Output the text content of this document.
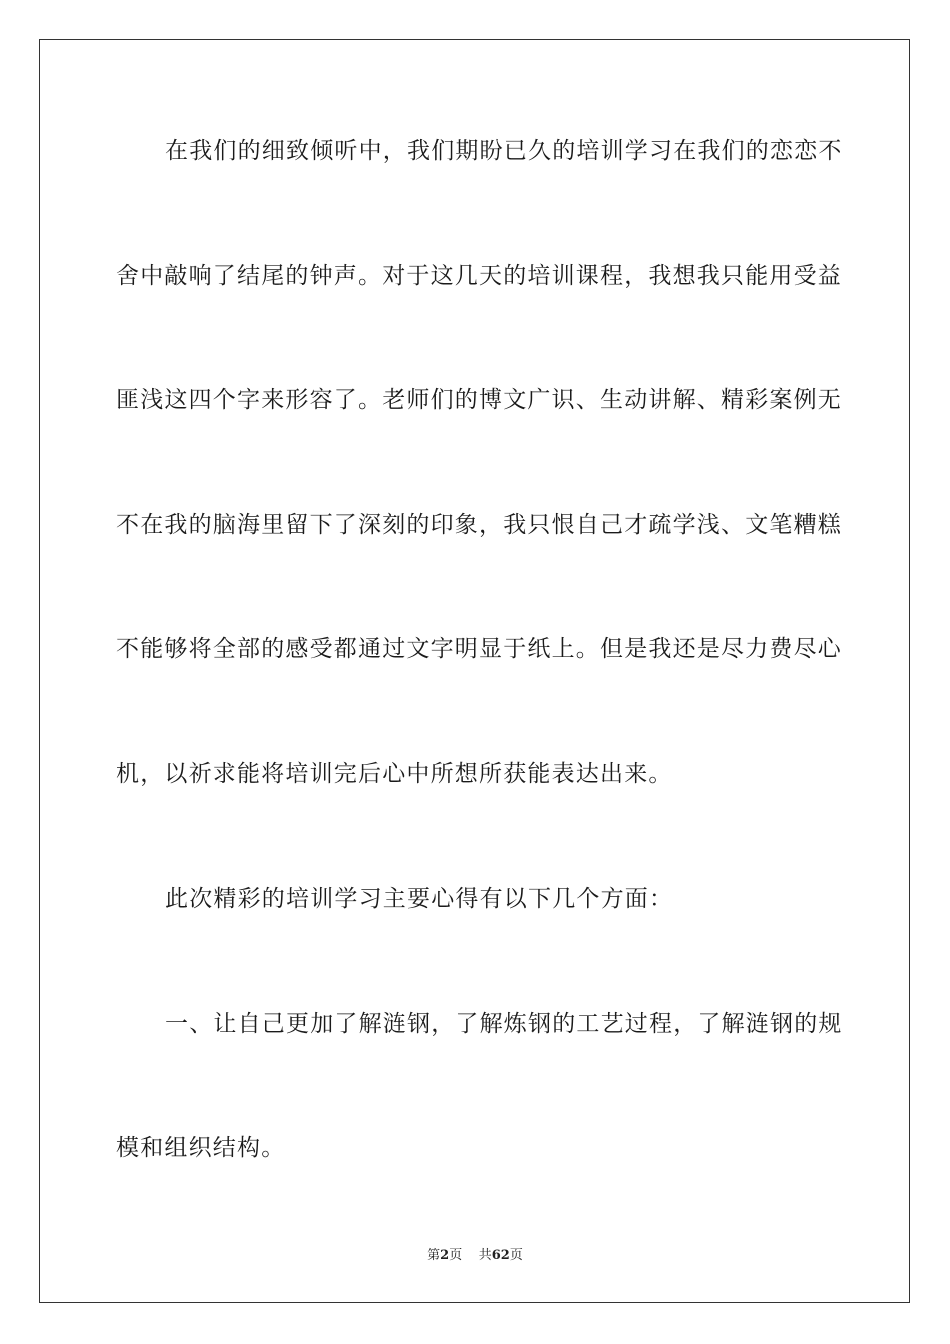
在我们的细致倾听中，我们期盼已久的培训学习在我们的恋恋不
舍中敲响了结尾的钟声。对于这几天的培训课程，我想我只能用受益
匪浅这四个字来形容了。老师们的博文广识、生动讲解、精彩案例无
不在我的脑海里留下了深刻的印象，我只恨自己才疏学浅、文笔糟糕
不能够将全部的感受都通过文字明显于纸上。但是我还是尽力费尽心
机，以祈求能将培训完后心中所想所获能表达出来。
此次精彩的培训学习主要心得有以下几个方面：
一、让自己更加了解涟钢，了解炼钢的工艺过程，了解涟钢的规
模和组织结构。
第2页 共62页
